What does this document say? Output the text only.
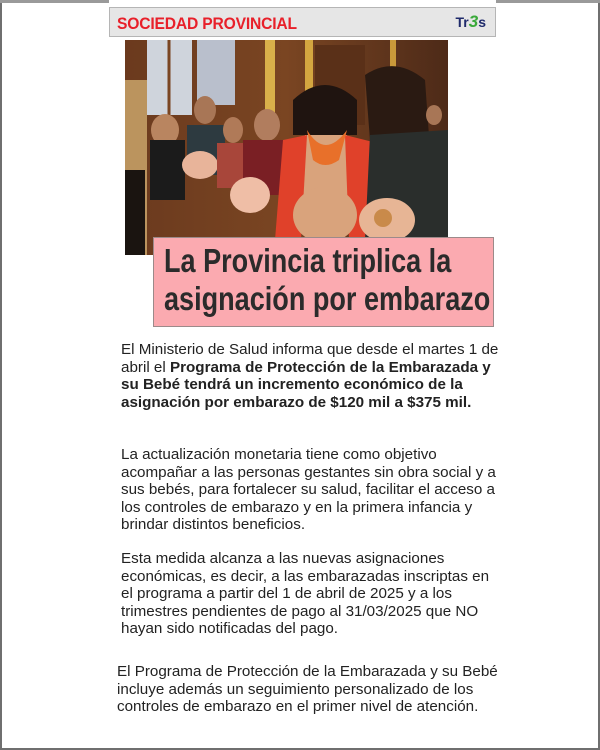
SOCIEDAD PROVINCIAL	Tr3s
La Provincia triplica la
asignación por embarazo

El Ministerio de Salud informa que desde el martes 1 de abril el Programa de Protección de la Embarazada y su Bebé tendrá un incremento económico de la asignación por embarazo de $120 mil a $375 mil.

La actualización monetaria tiene como objetivo acompañar a las personas gestantes sin obra social y a sus bebés, para fortalecer su salud, facilitar el acceso a los controles de embarazo y en la primera infancia y brindar distintos beneficios.

Esta medida alcanza a las nuevas asignaciones económicas, es decir, a las embarazadas inscriptas en el programa a partir del 1 de abril de 2025 y a los trimestres pendientes de pago al 31/03/2025 que NO hayan sido notificadas del pago.

El Programa de Protección de la Embarazada y su Bebé incluye además un seguimiento personalizado de los controles de embarazo en el primer nivel de atención.
